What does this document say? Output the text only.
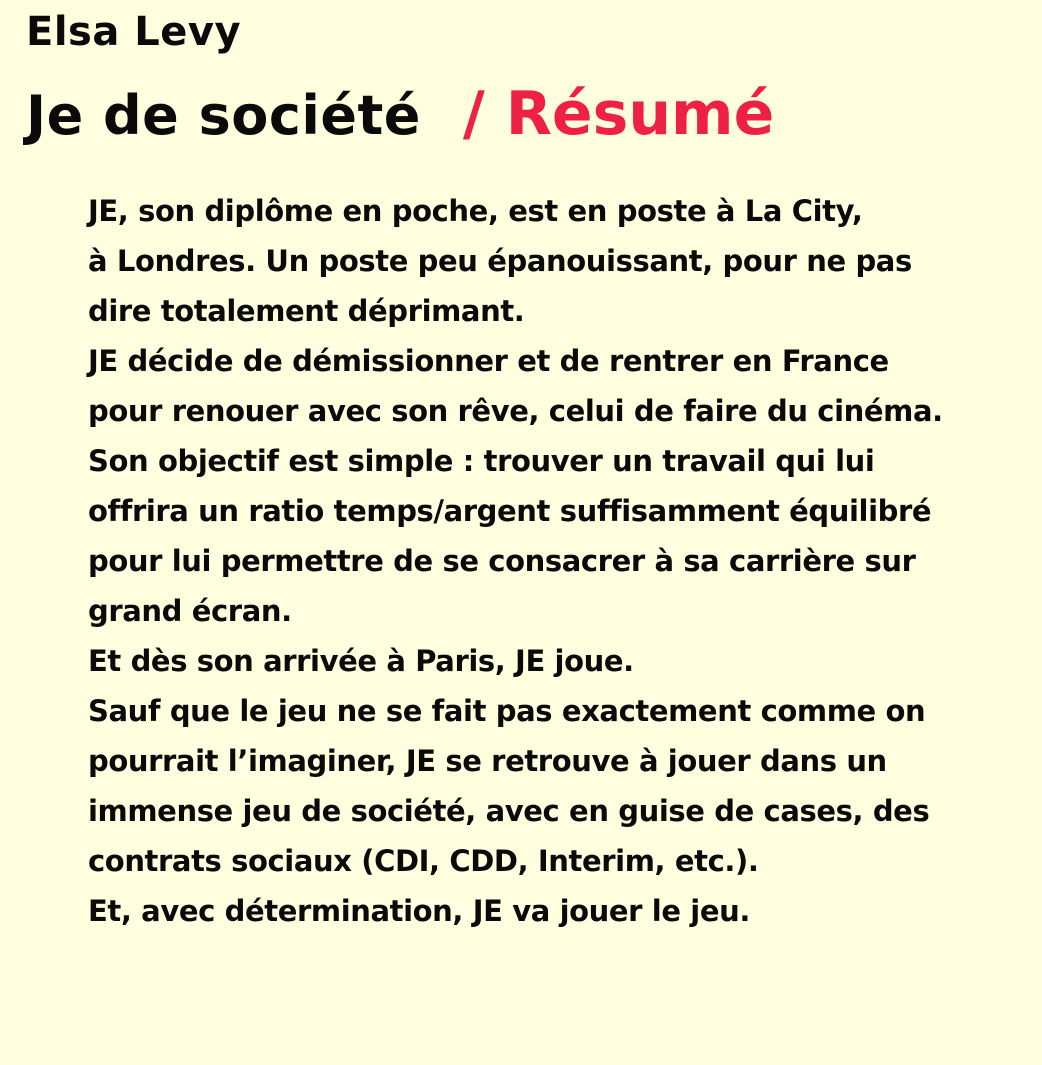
Elsa Levy
Je de société / Résumé
JE, son diplôme en poche, est en poste à La City,
à Londres. Un poste peu épanouissant, pour ne pas
dire totalement déprimant.
JE décide de démissionner et de rentrer en France
pour renouer avec son rêve, celui de faire du cinéma.
Son objectif est simple : trouver un travail qui lui
offrira un ratio temps/argent suffisamment équilibré
pour lui permettre de se consacrer à sa carrière sur
grand écran.
Et dès son arrivée à Paris, JE joue.
Sauf que le jeu ne se fait pas exactement comme on
pourrait l’imaginer, JE se retrouve à jouer dans un
immense jeu de société, avec en guise de cases, des
contrats sociaux (CDI, CDD, Interim, etc.).
Et, avec détermination, JE va jouer le jeu.
